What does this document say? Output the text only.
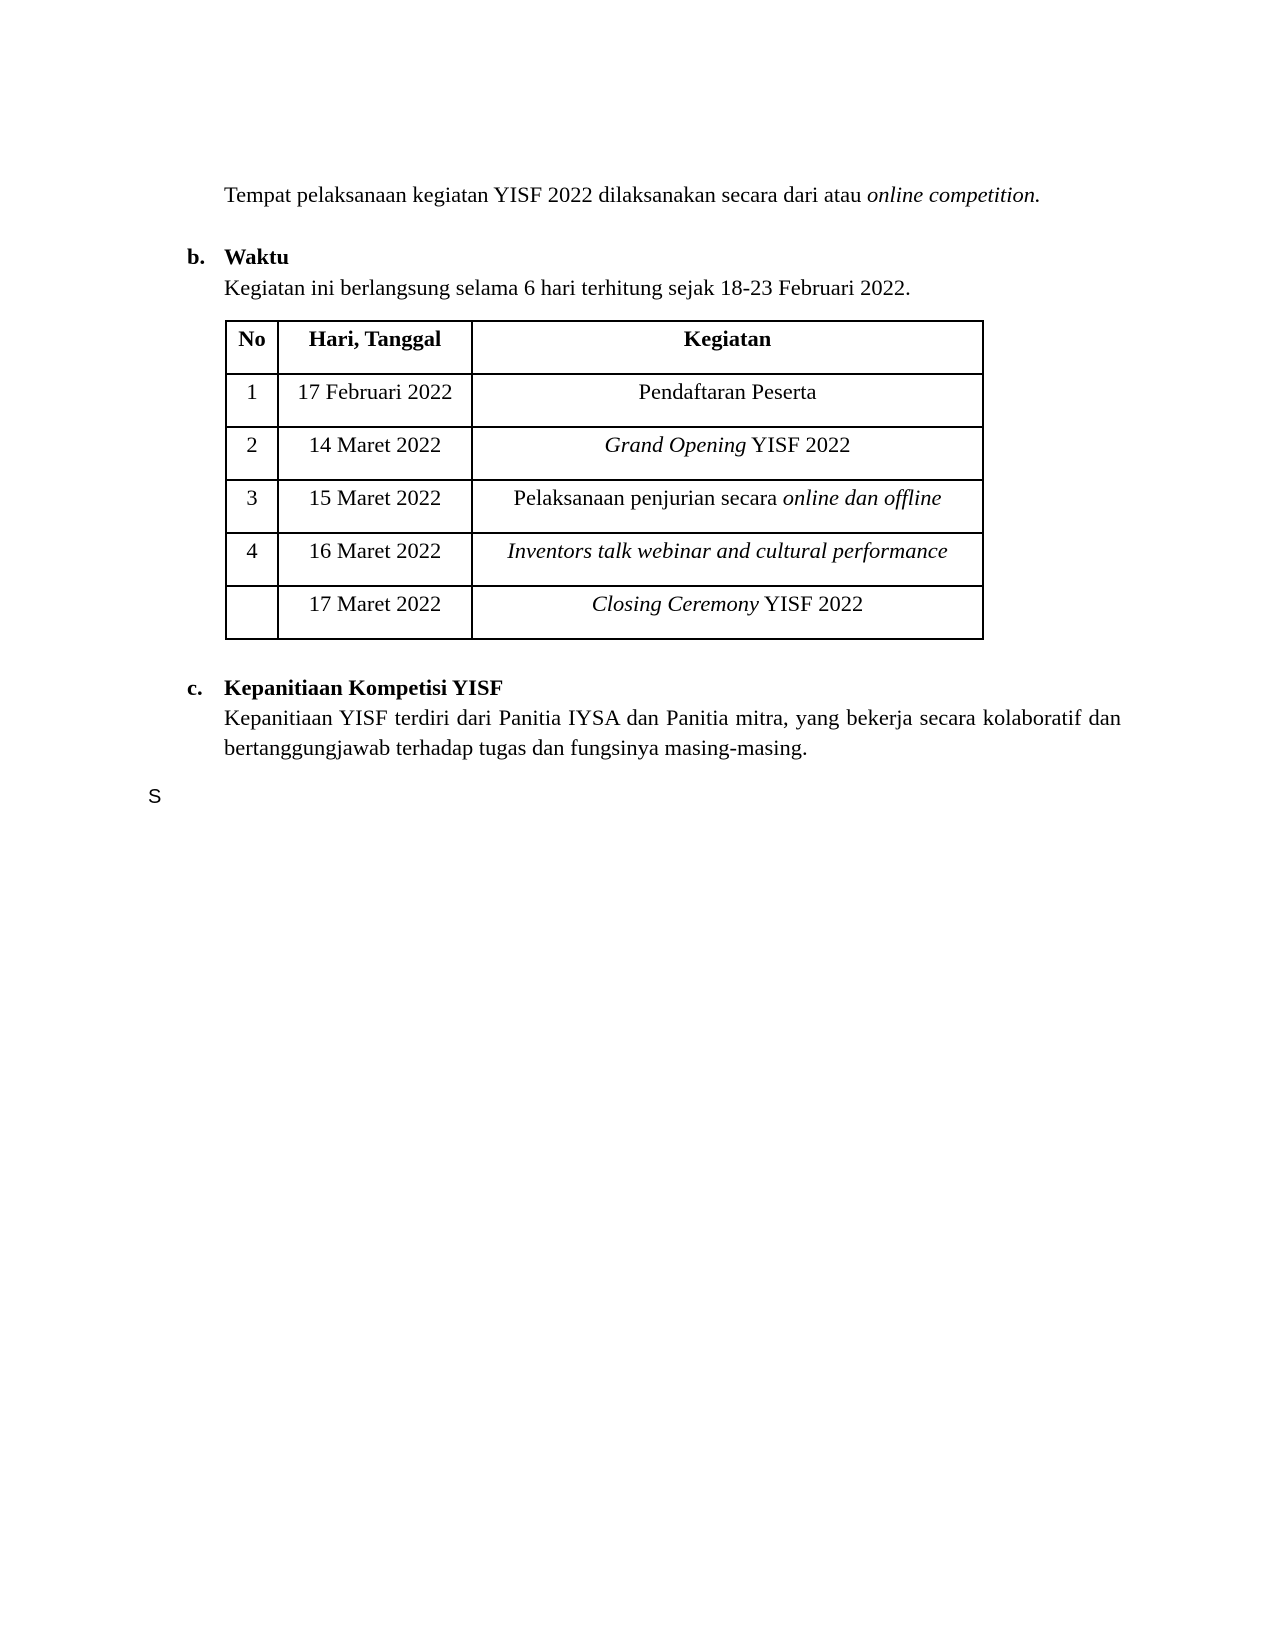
Tempat pelaksanaan kegiatan YISF 2022 dilaksanakan secara dari atau online competition.
b. Waktu
Kegiatan ini berlangsung selama 6 hari terhitung sejak 18-23 Februari 2022.
No	Hari, Tanggal	Kegiatan
1	17 Februari 2022	Pendaftaran Peserta
2	14 Maret 2022	Grand Opening YISF 2022
3	15 Maret 2022	Pelaksanaan penjurian secara online dan offline
4	16 Maret 2022	Inventors talk webinar and cultural performance
	17 Maret 2022	Closing Ceremony YISF 2022
c. Kepanitiaan Kompetisi YISF
Kepanitiaan YISF terdiri dari Panitia IYSA dan Panitia mitra, yang bekerja secara kolaboratif dan bertanggungjawab terhadap tugas dan fungsinya masing-masing.
S
